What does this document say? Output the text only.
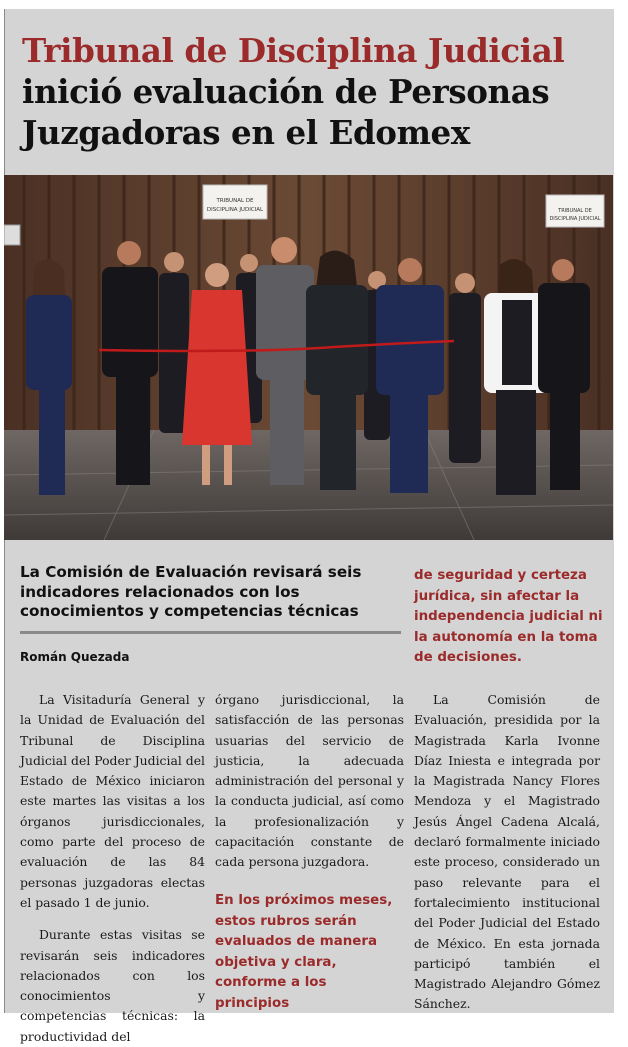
Tribunal de Disciplina Judicial
inició evaluación de Personas
Juzgadoras en el Edomex
TRIBUNAL DE
DISCIPLINA JUDICIAL	TRIBUNAL DE
DISCIPLINA JUDICIAL
La Comisión de Evaluación revisará seis indicadores relacionados con los conocimientos y competencias técnicas
Román Quezada
de seguridad y certeza jurídica, sin afectar la independencia judicial ni la autonomía en la toma de decisiones.

La Visitaduría General y la Unidad de Evaluación del Tribunal de Disciplina Judicial del Poder Judicial del Estado de México iniciaron este martes las visitas a los órganos jurisdiccionales, como parte del proceso de evaluación de las 84 personas juzgadoras electas el pasado 1 de junio.

Durante estas visitas se revisarán seis indicadores relacionados con los conocimientos y competencias técnicas: la productividad del

órgano jurisdiccional, la satisfacción de las personas usuarias del servicio de justicia, la adecuada administración del personal y la conducta judicial, así como la profesionalización y capacitación constante de cada persona juzgadora.

En los próximos meses, estos rubros serán evaluados de manera objetiva y clara, conforme a los principios

La Comisión de Evaluación, presidida por la Magistrada Karla Ivonne Díaz Iniesta e integrada por la Magistrada Nancy Flores Mendoza y el Magistrado Jesús Ángel Cadena Alcalá, declaró formalmente iniciado este proceso, considerado un paso relevante para el fortalecimiento institucional del Poder Judicial del Estado de México. En esta jornada participó también el Magistrado Alejandro Gómez Sánchez.
